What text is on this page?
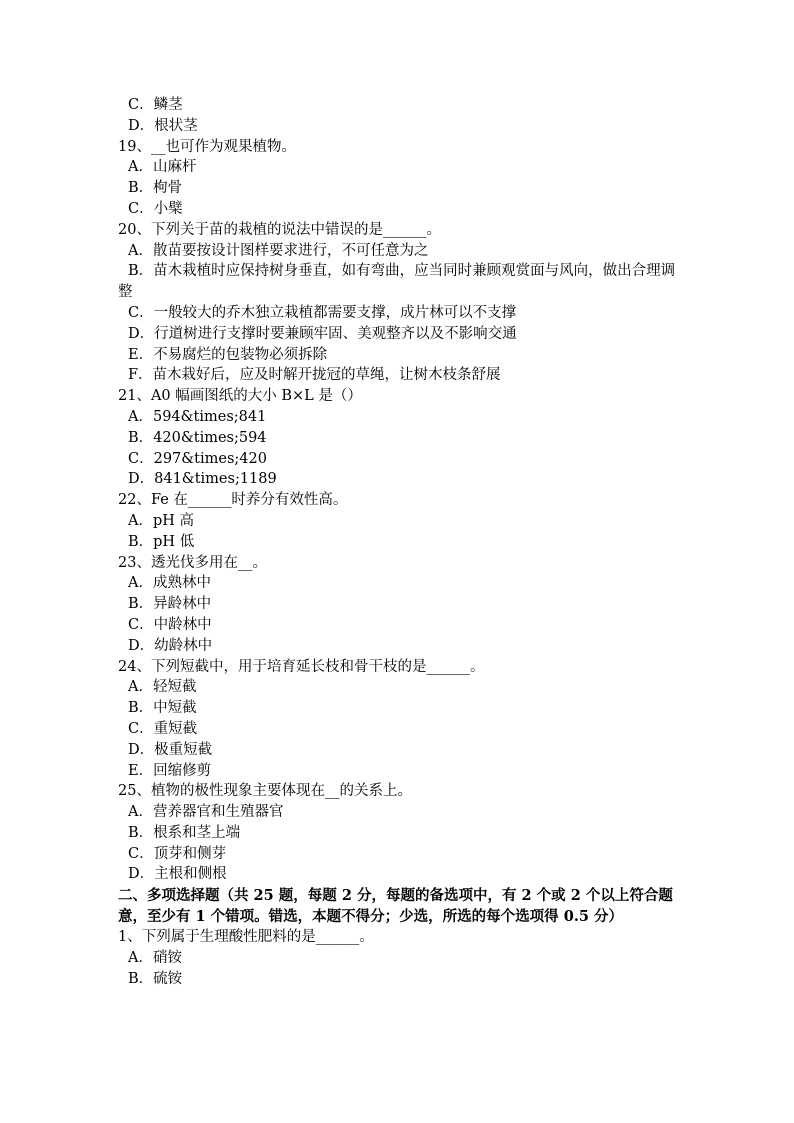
C．鳞茎
D．根状茎
19、__也可作为观果植物。
A．山麻杆
B．枸骨
C．小檗
20、下列关于苗的栽植的说法中错误的是______。
A．散苗要按设计图样要求进行，不可任意为之
B．苗木栽植时应保持树身垂直，如有弯曲，应当同时兼顾观赏面与风向，做出合理调整
C．一般较大的乔木独立栽植都需要支撑，成片林可以不支撑
D．行道树进行支撑时要兼顾牢固、美观整齐以及不影响交通
E．不易腐烂的包装物必须拆除
F．苗木栽好后，应及时解开拢冠的草绳，让树木枝条舒展
21、A0 幅画图纸的大小 B×L 是（）
A．594&times;841
B．420&times;594
C．297&times;420
D．841&times;1189
22、Fe 在______时养分有效性高。
A．pH 高
B．pH 低
23、透光伐多用在__。
A．成熟林中
B．异龄林中
C．中龄林中
D．幼龄林中
24、下列短截中，用于培育延长枝和骨干枝的是______。
A．轻短截
B．中短截
C．重短截
D．极重短截
E．回缩修剪
25、植物的极性现象主要体现在__的关系上。
A．营养器官和生殖器官
B．根系和茎上端
C．顶芽和侧芽
D．主根和侧根
二、多项选择题（共 25 题，每题 2 分，每题的备选项中，有 2 个或 2 个以上符合题意，至少有 1 个错项。错选，本题不得分；少选，所选的每个选项得 0.5 分）
1、下列属于生理酸性肥料的是______。
A．硝铵
B．硫铵
